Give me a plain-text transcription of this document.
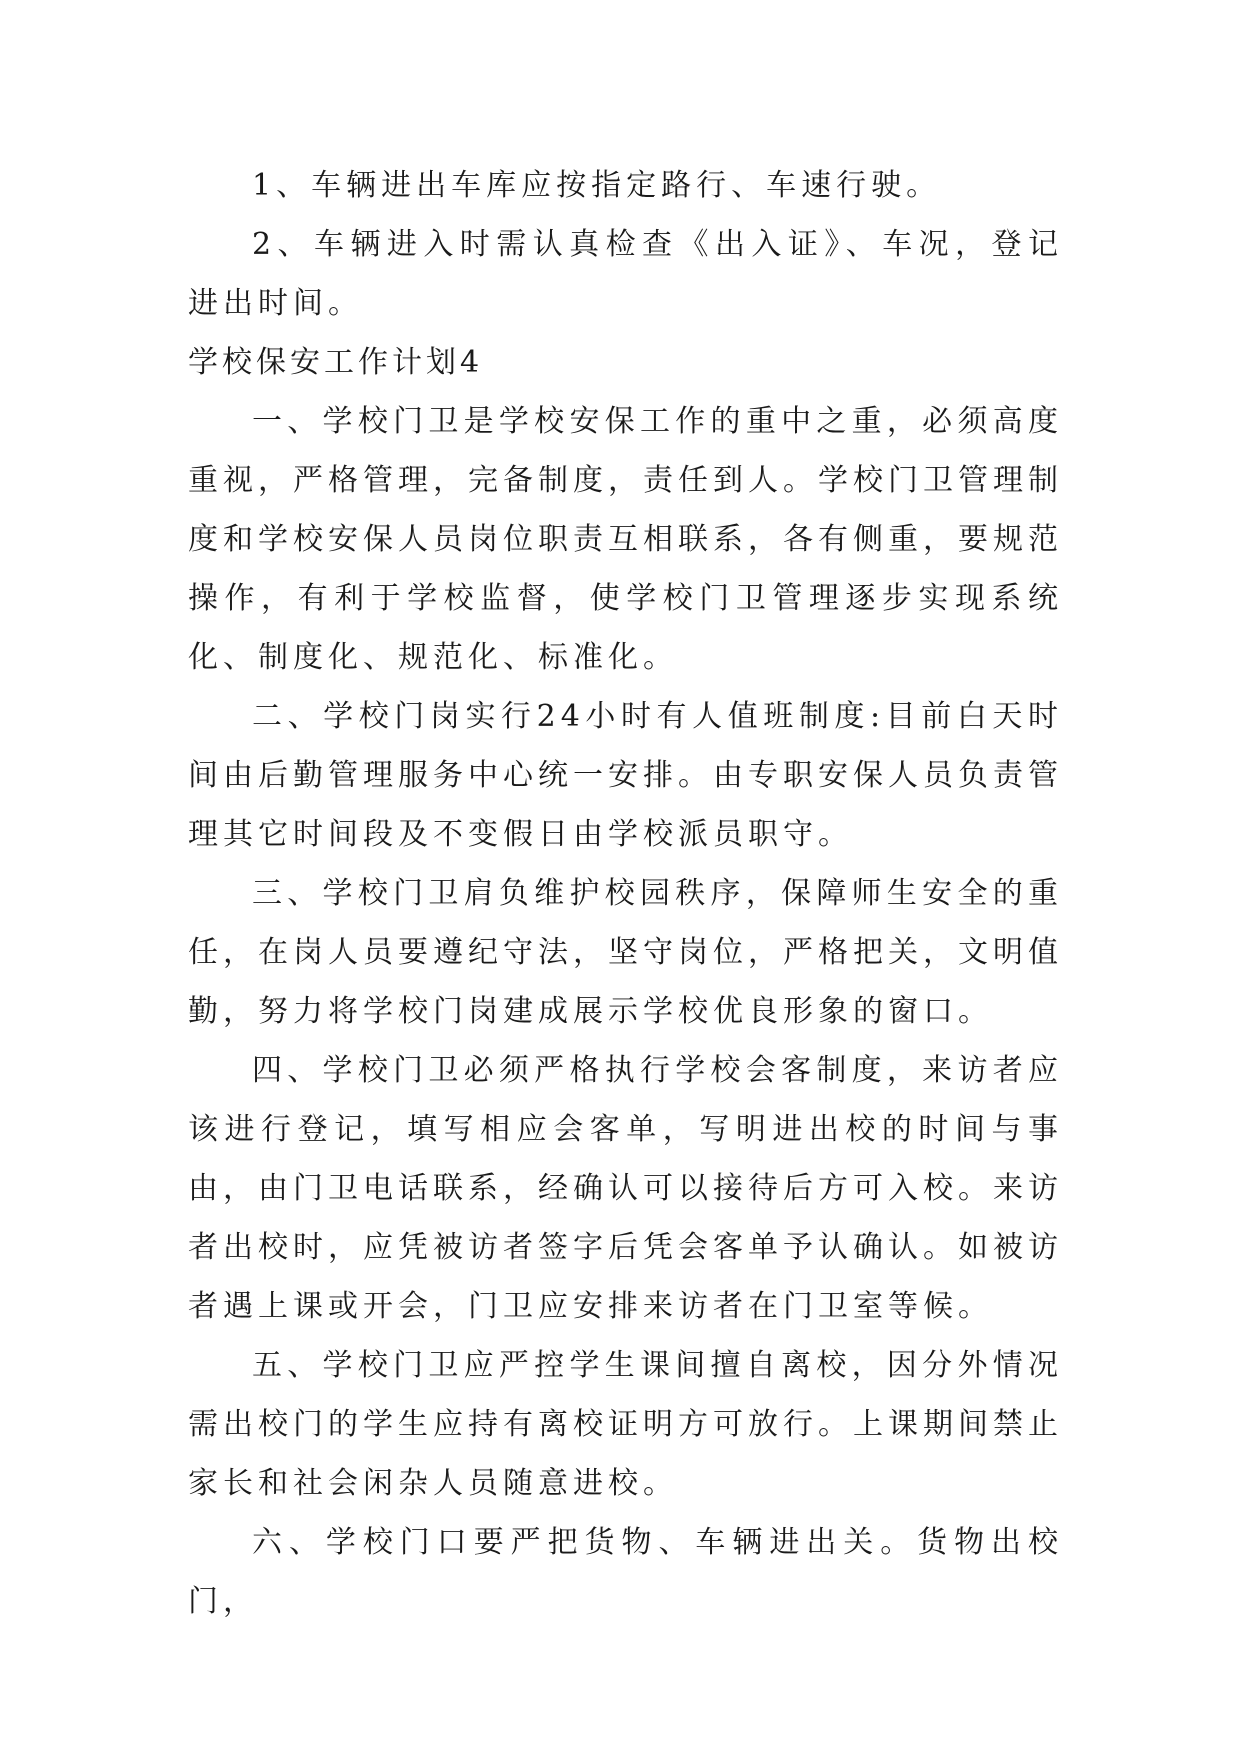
1、车辆进出车库应按指定路行、车速行驶。

2、车辆进入时需认真检查《出入证》、车况，登记进出时间。

学校保安工作计划4

一、学校门卫是学校安保工作的重中之重，必须高度重视，严格管理，完备制度，责任到人。学校门卫管理制度和学校安保人员岗位职责互相联系，各有侧重，要规范操作，有利于学校监督，使学校门卫管理逐步实现系统化、制度化、规范化、标准化。

二、学校门岗实行24小时有人值班制度:目前白天时间由后勤管理服务中心统一安排。由专职安保人员负责管理其它时间段及不变假日由学校派员职守。

三、学校门卫肩负维护校园秩序，保障师生安全的重任，在岗人员要遵纪守法，坚守岗位，严格把关，文明值勤，努力将学校门岗建成展示学校优良形象的窗口。

四、学校门卫必须严格执行学校会客制度，来访者应该进行登记，填写相应会客单，写明进出校的时间与事由，由门卫电话联系，经确认可以接待后方可入校。来访者出校时，应凭被访者签字后凭会客单予认确认。如被访者遇上课或开会，门卫应安排来访者在门卫室等候。

五、学校门卫应严控学生课间擅自离校，因分外情况需出校门的学生应持有离校证明方可放行。上课期间禁止家长和社会闲杂人员随意进校。

六、学校门口要严把货物、车辆进出关。货物出校门，
